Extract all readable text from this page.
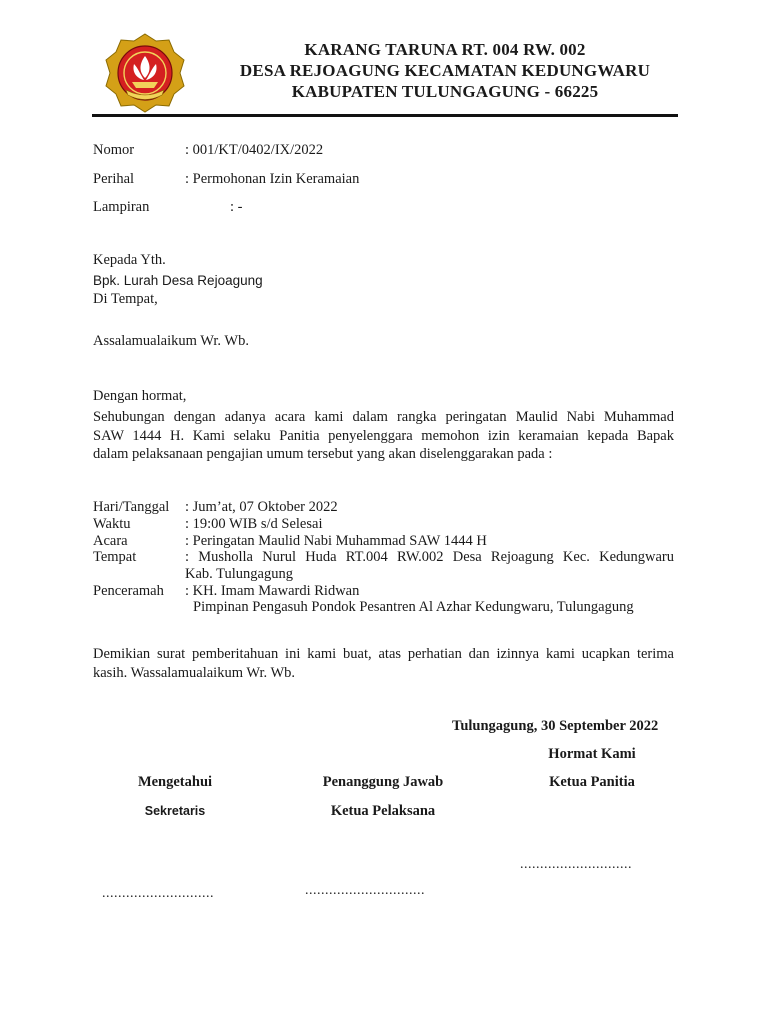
KARANG TARUNA RT. 004 RW. 002
DESA REJOAGUNG KECAMATAN KEDUNGWARU
KABUPATEN TULUNGAGUNG - 66225
Nomor	: 001/KT/0402/IX/2022
Perihal	: Permohonan Izin Keramaian
Lampiran	: -
Kepada Yth.
Bpk. Lurah Desa Rejoagung
Di Tempat,
Assalamualaikum Wr. Wb.
Dengan hormat,
Sehubungan dengan adanya acara kami dalam rangka peringatan Maulid Nabi Muhammad
SAW 1444 H. Kami selaku Panitia penyelenggara memohon izin keramaian kepada Bapak
dalam pelaksanaan pengajian umum tersebut yang akan diselenggarakan pada :
Hari/Tanggal : Jum’at, 07 Oktober 2022
Waktu	: 19:00 WIB s/d Selesai
Acara	: Peringatan Maulid Nabi Muhammad SAW 1444 H
Tempat	: Musholla Nurul Huda RT.004 RW.002 Desa Rejoagung Kec. Kedungwaru
Kab. Tulungagung
Penceramah : KH. Imam Mawardi Ridwan
Pimpinan Pengasuh Pondok Pesantren Al Azhar Kedungwaru, Tulungagung
Demikian surat pemberitahuan ini kami buat, atas perhatian dan izinnya kami ucapkan terima
kasih. Wassalamualaikum Wr. Wb.
Tulungagung, 30 September 2022
Hormat Kami
Mengetahui
Sekretaris
............................
Penanggung Jawab
Ketua Pelaksana
..............................
Ketua Panitia
............................
